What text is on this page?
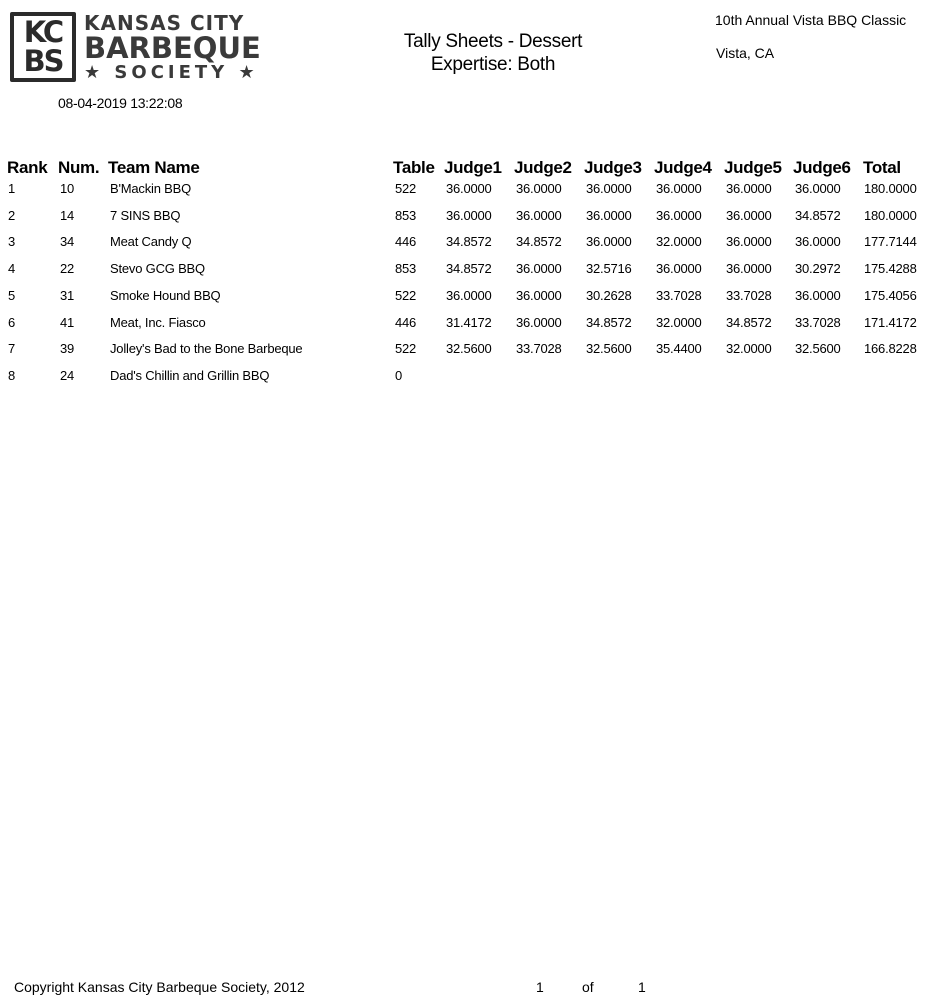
KC
BS
KANSAS CITY
BARBEQUE
★ SOCIETY ★
08-04-2019 13:22:08
Tally Sheets - Dessert
Expertise: Both
10th Annual Vista BBQ Classic
Vista, CA
Rank Num. Team Name	Table Judge1 Judge2 Judge3 Judge4 Judge5 Judge6 Total
1	10	B'Mackin BBQ	522 36.0000 36.0000 36.0000 36.0000 36.0000 36.0000 180.0000
2	14	7 SINS BBQ	853 36.0000 36.0000 36.0000 36.0000 36.0000 34.8572 180.0000
3	34	Meat Candy Q	446 34.8572 34.8572 36.0000 32.0000 36.0000 36.0000 177.7144
4	22	Stevo GCG BBQ	853 34.8572 36.0000 32.5716 36.0000 36.0000 30.2972 175.4288
5	31	Smoke Hound BBQ	522 36.0000 36.0000 30.2628 33.7028 33.7028 36.0000 175.4056
6	41	Meat, Inc. Fiasco	446 31.4172 36.0000 34.8572 32.0000 34.8572 33.7028 171.4172
7	39	Jolley's Bad to the Bone Barbeque	522 32.5600 33.7028 32.5600 35.4400 32.0000 32.5600 166.8228
8	24	Dad's Chillin and Grillin BBQ	0
Copyright Kansas City Barbeque Society, 2012	1	of	1
